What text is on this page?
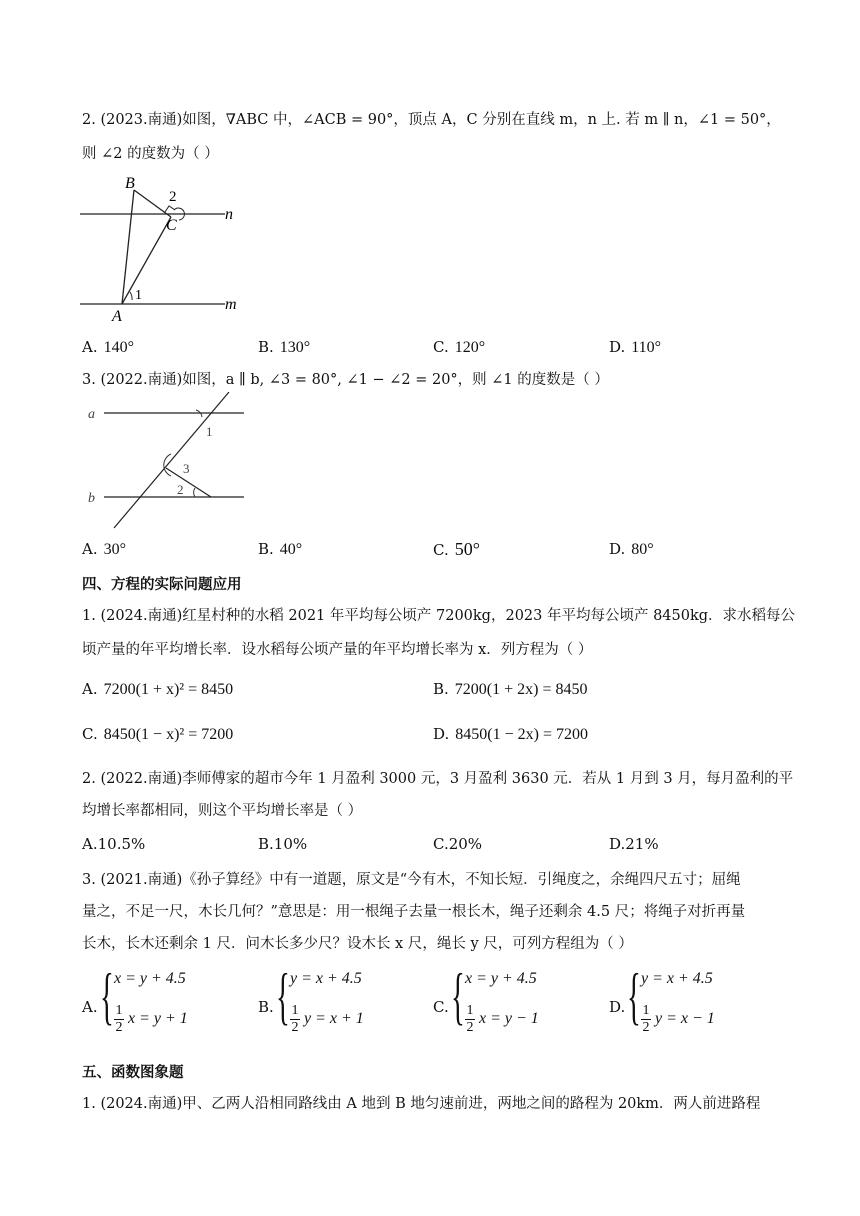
2. (2023.南通)如图，∇ABC 中，∠ACB = 90°，顶点 A，C 分别在直线 m，n 上. 若 m ∥ n，∠1 = 50°，
则 ∠2 的度数为（ ）
B
2
C
n
m
1
A
A. 140°	B. 130°	C. 120°	D. 110°
3. (2022.南通)如图，a ∥ b, ∠3 = 80°, ∠1 − ∠2 = 20°，则 ∠1 的度数是（ ）
a
b
1
3
2
A. 30°	B. 40°	C. 50°	D. 80°
四、方程的实际问题应用
1. (2024.南通)红星村种的水稻 2021 年平均每公顷产 7200kg，2023 年平均每公顷产 8450kg．求水稻每公
顷产量的年平均增长率．设水稻每公顷产量的年平均增长率为 x．列方程为（ ）
A. 7200(1 + x)² = 8450	B. 7200(1 + 2x) = 8450
C. 8450(1 − x)² = 7200	D. 8450(1 − 2x) = 7200
2. (2022.南通)李师傅家的超市今年 1 月盈利 3000 元，3 月盈利 3630 元．若从 1 月到 3 月，每月盈利的平
均增长率都相同，则这个平均增长率是（ ）
A.10.5%	B.10%	C.20%	D.21%
3. (2021.南通)《孙子算经》中有一道题，原文是“今有木，不知长短．引绳度之，余绳四尺五寸；屈绳
量之，不足一尺，木长几何？”意思是：用一根绳子去量一根长木，绳子还剩余 4.5 尺；将绳子对折再量
长木，长木还剩余 1 尺．问木长多少尺？设木长 x 尺，绳长 y 尺，可列方程组为（ ）
A. { x = y + 4.5
$\frac{1}{2}$ x = y + 1
B. { y = x + 4.5
$\frac{1}{2}$ y = x + 1
C. { x = y + 4.5
$\frac{1}{2}$ x = y − 1
D. { y = x + 4.5
$\frac{1}{2}$ y = x − 1
五、函数图象题
1. (2024.南通)甲、乙两人沿相同路线由 A 地到 B 地匀速前进，两地之间的路程为 20km．两人前进路程
